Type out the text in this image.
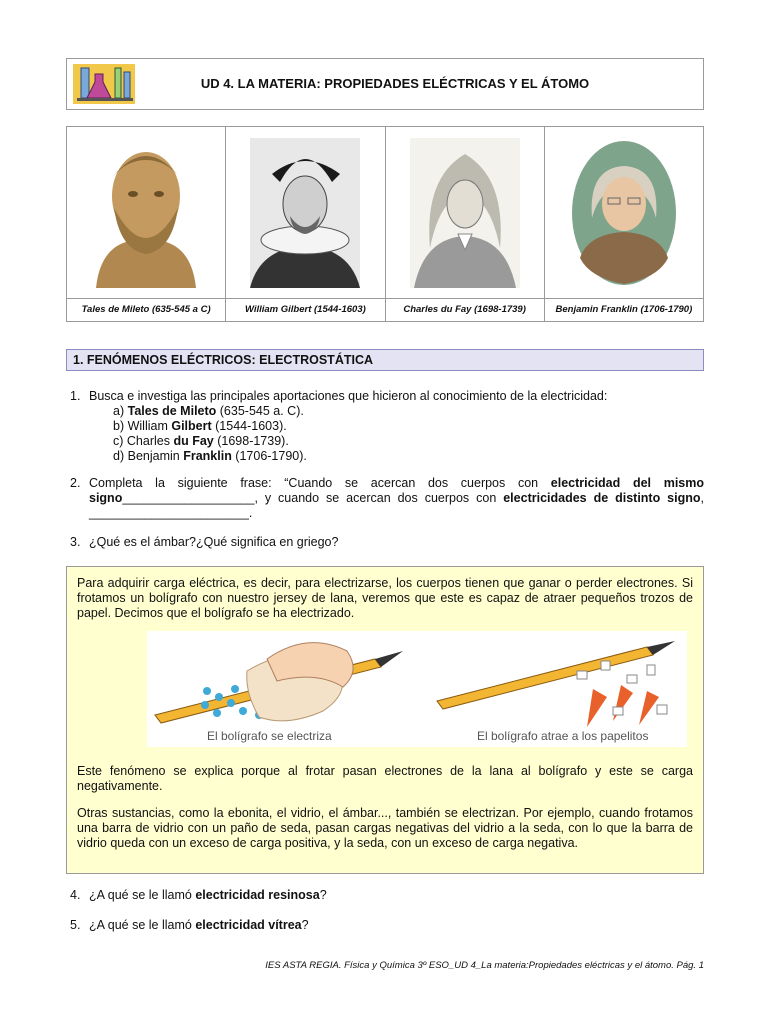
UD 4. LA MATERIA: PROPIEDADES ELÉCTRICAS Y EL ÁTOMO
Tales de Mileto (635-545 a C)	William Gilbert (1544-1603)	Charles du Fay (1698-1739)	Benjamin Franklin (1706-1790)
1. FENÓMENOS ELÉCTRICOS: ELECTROSTÁTICA
1. Busca e investiga las principales aportaciones que hicieron al conocimiento de la electricidad:
a) Tales de Mileto (635-545 a. C).
b) William Gilbert (1544-1603).
c) Charles du Fay (1698-1739).
d) Benjamin Franklin (1706-1790).
2. Completa la siguiente frase: “Cuando se acercan dos cuerpos con electricidad del mismo
signo___________________, y cuando se acercan dos cuerpos con electricidades de distinto signo,
_______________________.
3. ¿Qué es el ámbar?¿Qué significa en griego?

Para adquirir carga eléctrica, es decir, para electrizarse, los cuerpos tienen que ganar o perder electrones. Si frotamos un bolígrafo con nuestro jersey de lana, veremos que este es capaz de atraer pequeños trozos de papel. Decimos que el bolígrafo se ha electrizado.

El bolígrafo se electriza	El bolígrafo atrae a los papelitos

Este fenómeno se explica porque al frotar pasan electrones de la lana al bolígrafo y este se carga negativamente.

Otras sustancias, como la ebonita, el vidrio, el ámbar..., también se electrizan. Por ejemplo, cuando frotamos una barra de vidrio con un paño de seda, pasan cargas negativas del vidrio a la seda, con lo que la barra de vidrio queda con un exceso de carga positiva, y la seda, con un exceso de carga negativa.

4. ¿A qué se le llamó electricidad resinosa?
5. ¿A qué se le llamó electricidad vítrea?
IES ASTA REGIA. Física y Química 3º ESO_UD 4_La materia:Propiedades eléctricas y el átomo. Pág. 1
